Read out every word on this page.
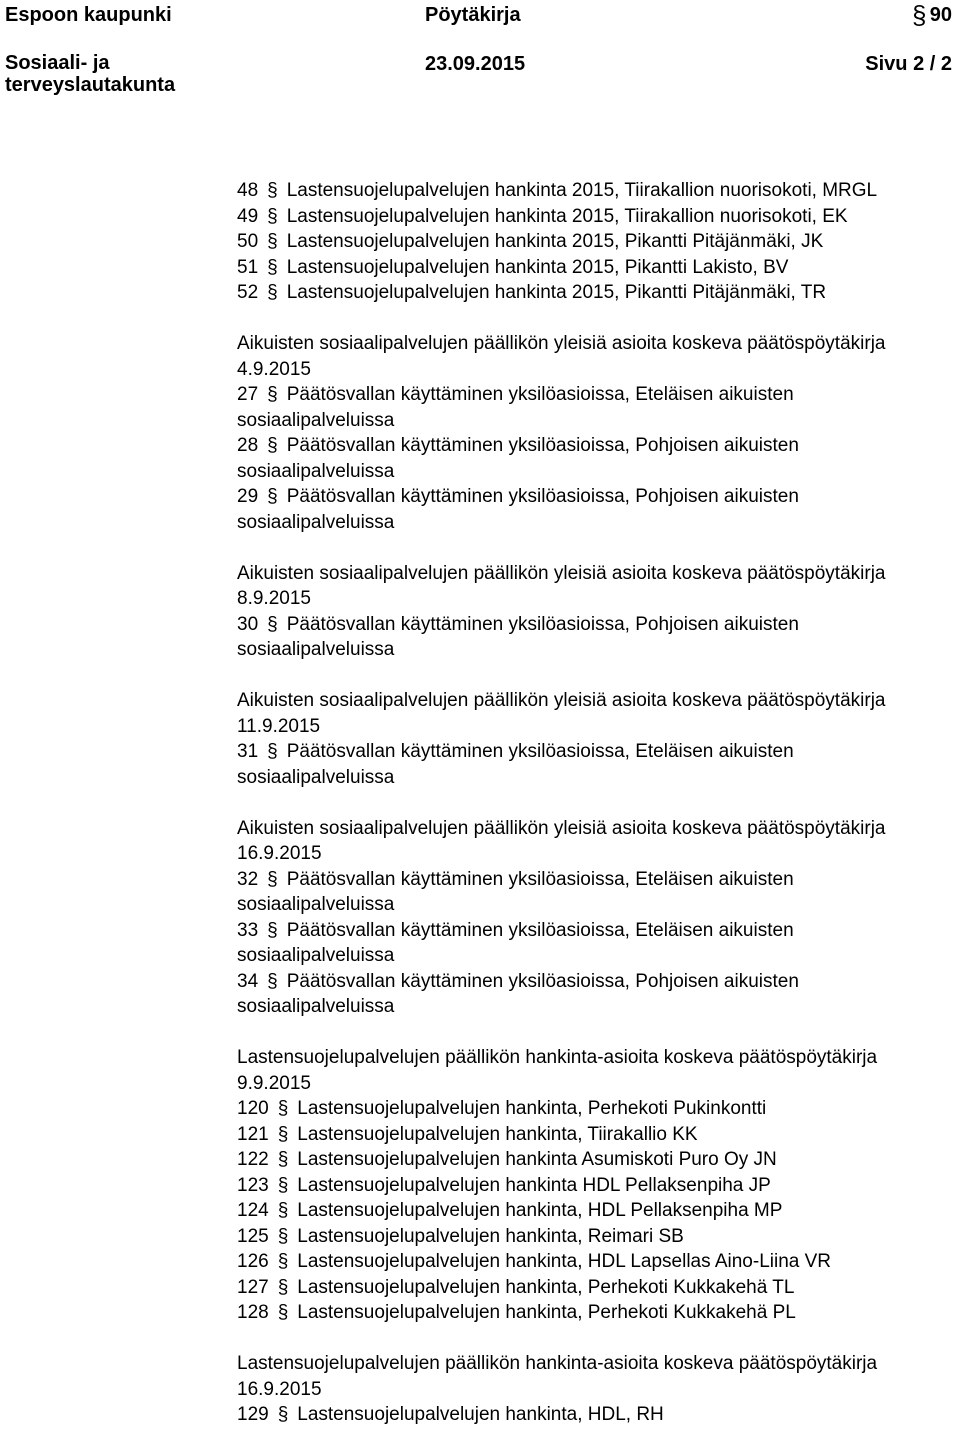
Espoon kaupunki	Pöytäkirja	§ 90
Sosiaali- ja terveyslautakunta
23.09.2015	Sivu 2 / 2
48 § Lastensuojelupalvelujen hankinta 2015, Tiirakallion nuorisokoti, MRGL
49 § Lastensuojelupalvelujen hankinta 2015, Tiirakallion nuorisokoti, EK
50 § Lastensuojelupalvelujen hankinta 2015, Pikantti Pitäjänmäki, JK
51 § Lastensuojelupalvelujen hankinta 2015, Pikantti Lakisto, BV
52 § Lastensuojelupalvelujen hankinta 2015, Pikantti Pitäjänmäki, TR
Aikuisten sosiaalipalvelujen päällikön yleisiä asioita koskeva päätöspöytäkirja 4.9.2015
27 § Päätösvallan käyttäminen yksilöasioissa, Eteläisen aikuisten sosiaalipalveluissa
28 § Päätösvallan käyttäminen yksilöasioissa, Pohjoisen aikuisten sosiaalipalveluissa
29 § Päätösvallan käyttäminen yksilöasioissa, Pohjoisen aikuisten sosiaalipalveluissa
Aikuisten sosiaalipalvelujen päällikön yleisiä asioita koskeva päätöspöytäkirja 8.9.2015
30 § Päätösvallan käyttäminen yksilöasioissa, Pohjoisen aikuisten sosiaalipalveluissa
Aikuisten sosiaalipalvelujen päällikön yleisiä asioita koskeva päätöspöytäkirja 11.9.2015
31 § Päätösvallan käyttäminen yksilöasioissa, Eteläisen aikuisten sosiaalipalveluissa
Aikuisten sosiaalipalvelujen päällikön yleisiä asioita koskeva päätöspöytäkirja 16.9.2015
32 § Päätösvallan käyttäminen yksilöasioissa, Eteläisen aikuisten sosiaalipalveluissa
33 § Päätösvallan käyttäminen yksilöasioissa, Eteläisen aikuisten sosiaalipalveluissa
34 § Päätösvallan käyttäminen yksilöasioissa, Pohjoisen aikuisten sosiaalipalveluissa
Lastensuojelupalvelujen päällikön hankinta-asioita koskeva päätöspöytäkirja 9.9.2015
120 § Lastensuojelupalvelujen hankinta, Perhekoti Pukinkontti
121 § Lastensuojelupalvelujen hankinta, Tiirakallio KK
122 § Lastensuojelupalvelujen hankinta Asumiskoti Puro Oy JN
123 § Lastensuojelupalvelujen hankinta HDL Pellaksenpiha JP
124 § Lastensuojelupalvelujen hankinta, HDL Pellaksenpiha MP
125 § Lastensuojelupalvelujen hankinta, Reimari SB
126 § Lastensuojelupalvelujen hankinta, HDL Lapsellas Aino-Liina VR
127 § Lastensuojelupalvelujen hankinta, Perhekoti Kukkakehä TL
128 § Lastensuojelupalvelujen hankinta, Perhekoti Kukkakehä PL
Lastensuojelupalvelujen päällikön hankinta-asioita koskeva päätöspöytäkirja 16.9.2015
129 § Lastensuojelupalvelujen hankinta, HDL, RH
